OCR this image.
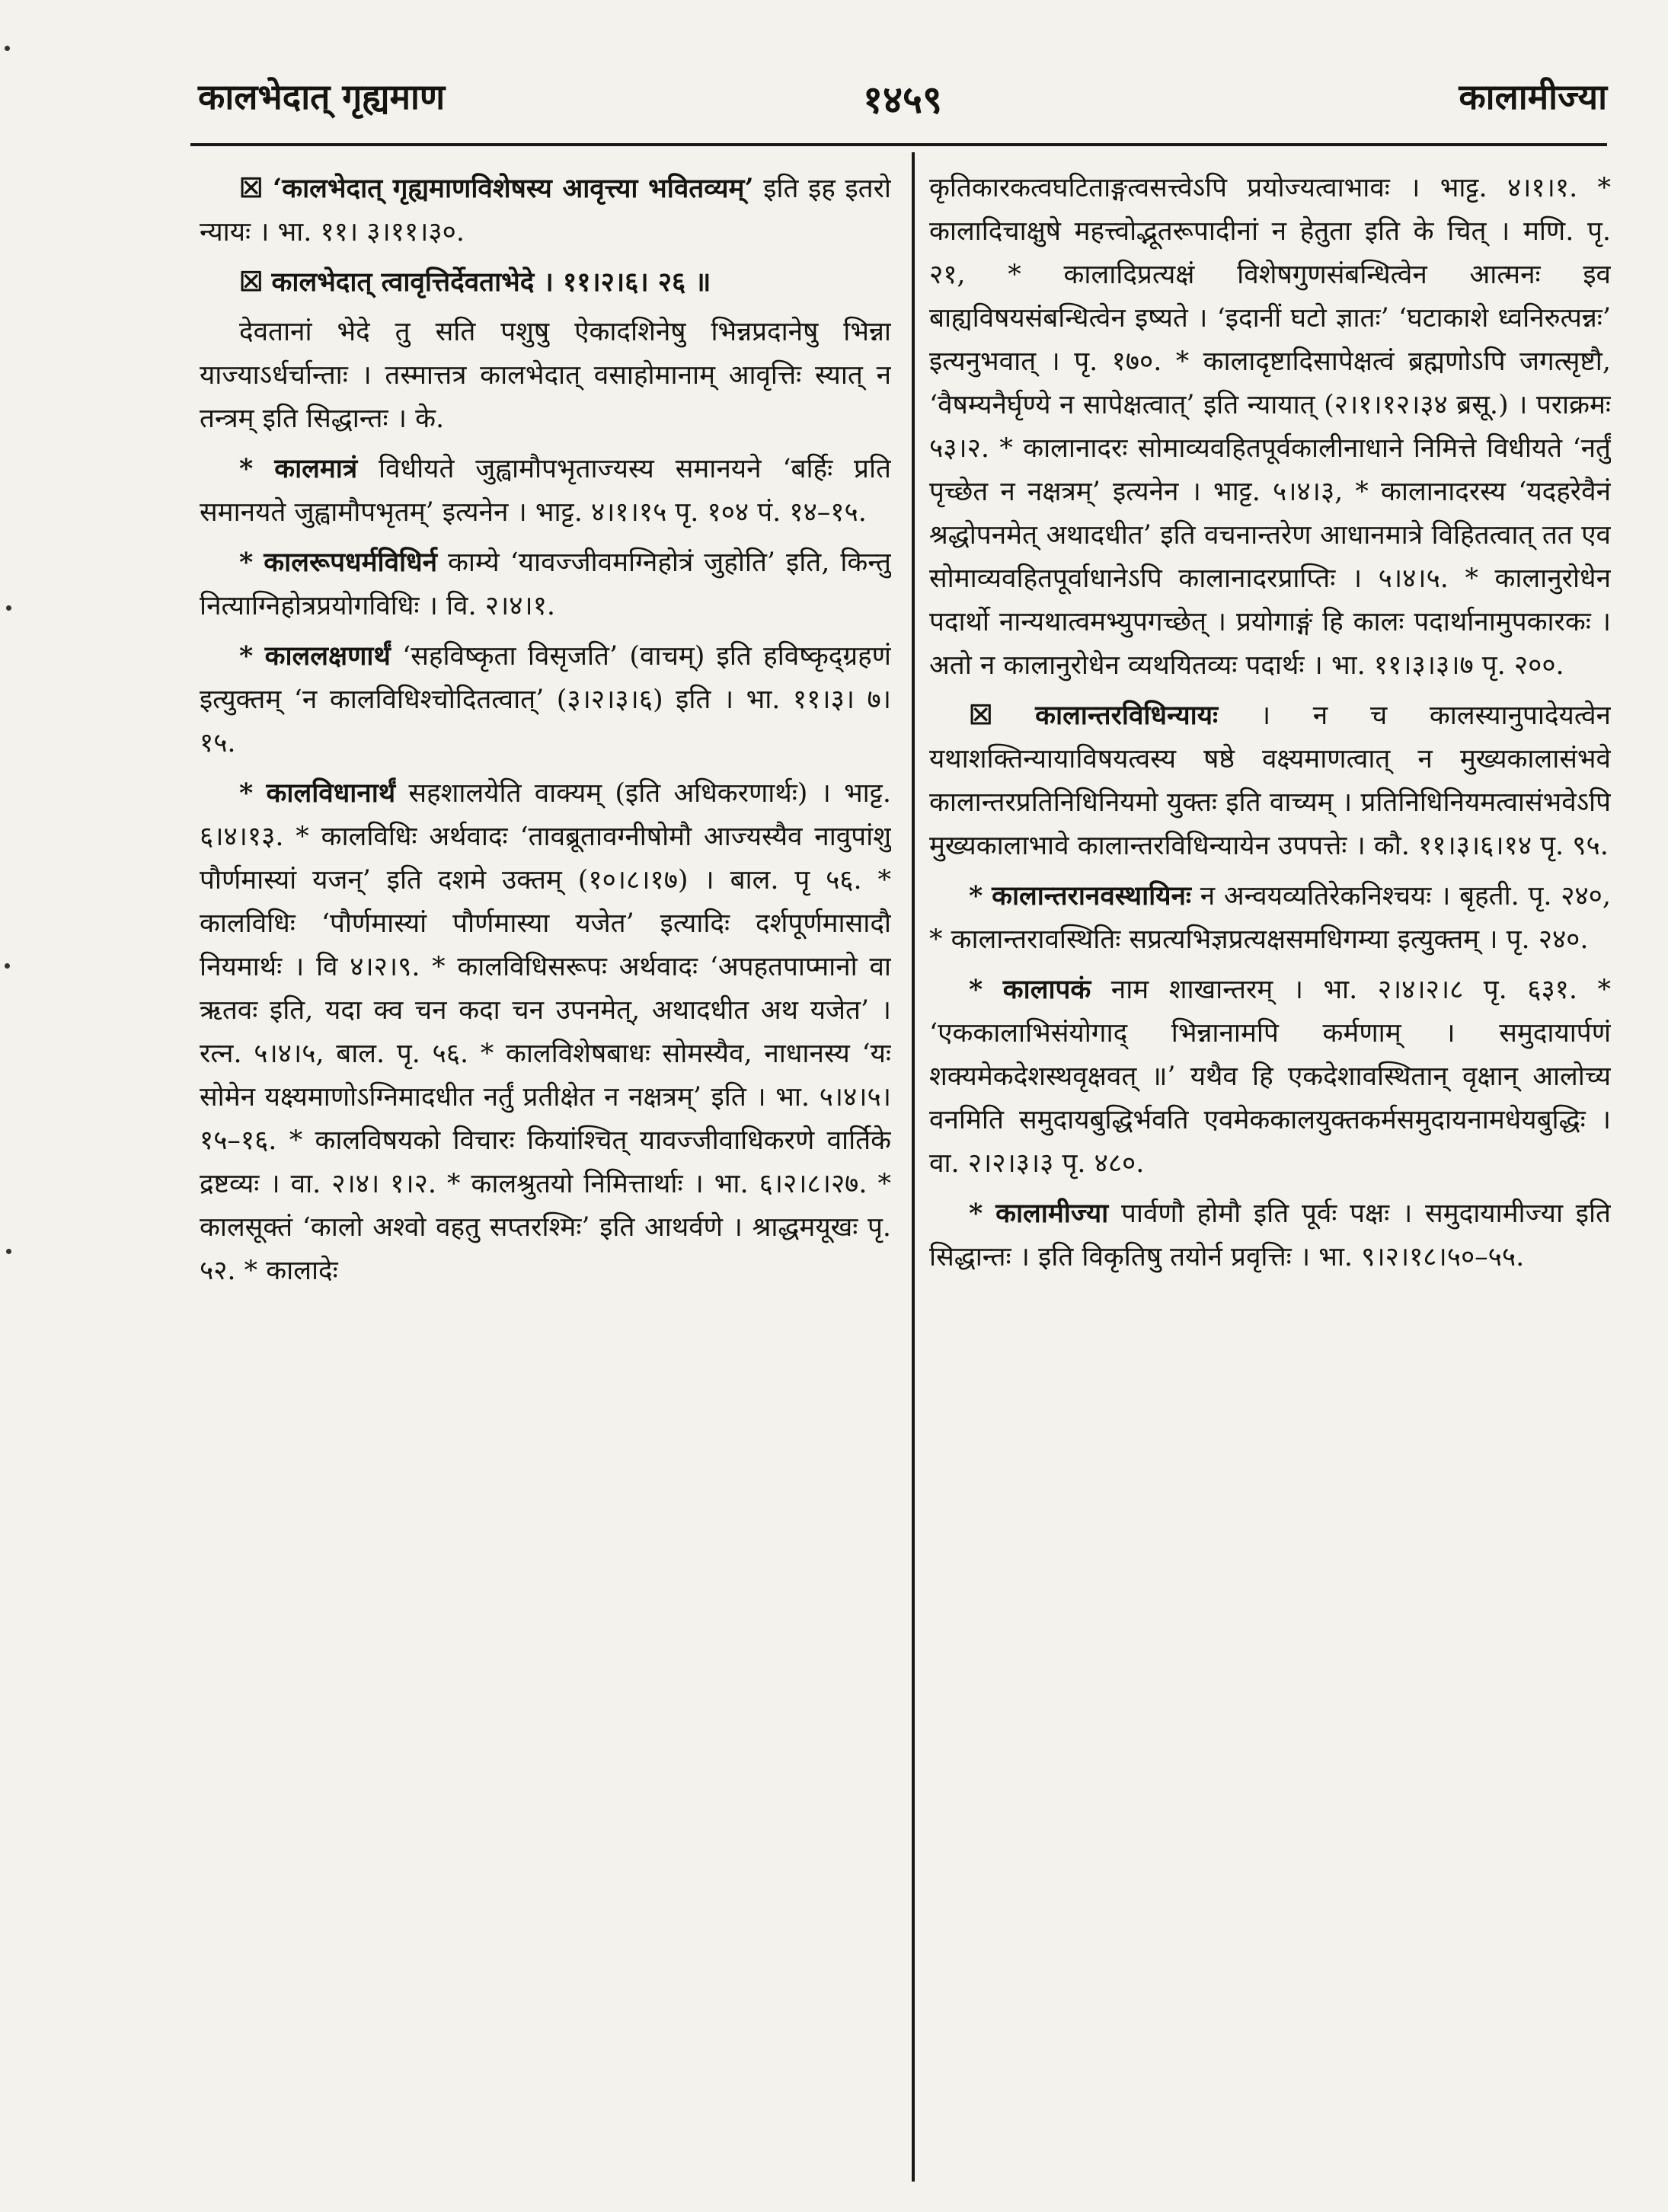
कालभेदात् गृह्यमाण	१४५९	कालामीज्या

☒ ‘कालभेदात् गृह्यमाणविशेषस्य आवृत्त्या भवितव्यम्’ इति इह इतरो न्यायः । भा. ११। ३।११।३०.

☒ कालभेदात् त्वावृत्तिर्देवताभेदे । ११।२।६। २६ ॥

देवतानां भेदे तु सति पशुषु ऐकादशिनेषु भिन्नप्रदानेषु भिन्ना याज्याऽर्धर्चान्ताः । तस्मात्तत्र कालभेदात् वसाहोमानाम् आवृत्तिः स्यात् न तन्त्रम् इति सिद्धान्तः । के.

* कालमात्रं विधीयते जुह्वामौपभृताज्यस्य समानयने ‘बर्हिः प्रति समानयते जुह्वामौपभृतम्’ इत्यनेन । भाट्ट. ४।१।१५ पृ. १०४ पं. १४–१५.

* कालरूपधर्मविधिर्न काम्ये ‘यावज्जीवमग्निहोत्रं जुहोति’ इति, किन्तु नित्याग्निहोत्रप्रयोगविधिः । वि. २।४।१.

* काललक्षणार्थं ‘सहविष्कृता विसृजति’ (वाचम्) इति हविष्कृद्ग्रहणं इत्युक्तम् ‘न कालविधिश्चोदितत्वात्’ (३।२।३।६) इति । भा. ११।३। ७।१५.

* कालविधानार्थं सहशालयेति वाक्यम् (इति अधिकरणार्थः) । भाट्ट. ६।४।१३. * कालविधिः अर्थवादः ‘तावब्रूतावग्नीषोमौ आज्यस्यैव नावुपांशु पौर्णमास्यां यजन्’ इति दशमे उक्तम् (१०।८।१७) । बाल. पृ ५६. * कालविधिः ‘पौर्णमास्यां पौर्णमास्या यजेत’ इत्यादिः दर्शपूर्णमासादौ नियमार्थः । वि ४।२।९. * कालविधिसरूपः अर्थवादः ‘अपहतपाप्मानो वा ऋतवः इति, यदा क्व चन कदा चन उपनमेत्, अथादधीत अथ यजेत’ । रत्न. ५।४।५, बाल. पृ. ५६. * कालविशेषबाधः सोमस्यैव, नाधानस्य ‘यः सोमेन यक्ष्यमाणोऽग्निमादधीत नर्तुं प्रतीक्षेत न नक्षत्रम्’ इति । भा. ५।४।५।१५–१६. * कालविषयको विचारः कियांश्चित् यावज्जीवाधिकरणे वार्तिके द्रष्टव्यः । वा. २।४। १।२. * कालश्रुतयो निमित्तार्थाः । भा. ६।२।८।२७. * कालसूक्तं ‘कालो अश्वो वहतु सप्तरश्मिः’ इति आथर्वणे । श्राद्धमयूखः पृ. ५२. * कालादेः

कृतिकारकत्वघटिताङ्गत्वसत्त्वेऽपि प्रयोज्यत्वाभावः । भाट्ट. ४।१।१. * कालादिचाक्षुषे महत्त्वोद्भूतरूपादीनां न हेतुता इति के चित् । मणि. पृ. २१, * कालादिप्रत्यक्षं विशेषगुणसंबन्धित्वेन आत्मनः इव बाह्यविषयसंबन्धित्वेन इष्यते । ‘इदानीं घटो ज्ञातः’ ‘घटाकाशे ध्वनिरुत्पन्नः’ इत्यनुभवात् । पृ. १७०. * कालादृष्टादिसापेक्षत्वं ब्रह्मणोऽपि जगत्सृष्टौ, ‘वैषम्यनैर्घृण्ये न सापेक्षत्वात्’ इति न्यायात् (२।१।१२।३४ ब्रसू.) । पराक्रमः ५३।२. * कालानादरः सोमाव्यवहितपूर्वकालीनाधाने निमित्ते विधीयते ‘नर्तुं पृच्छेत न नक्षत्रम्’ इत्यनेन । भाट्ट. ५।४।३, * कालानादरस्य ‘यदहरेवैनं श्रद्धोपनमेत् अथादधीत’ इति वचनान्तरेण आधानमात्रे विहितत्वात् तत एव सोमाव्यवहितपूर्वाधानेऽपि कालानादरप्राप्तिः । ५।४।५. * कालानुरोधेन पदार्थो नान्यथात्वमभ्युपगच्छेत् । प्रयोगाङ्गं हि कालः पदार्थानामुपकारकः । अतो न कालानुरोधेन व्यथयितव्यः पदार्थः । भा. ११।३।३।७ पृ. २००.

☒ कालान्तरविधिन्यायः । न च कालस्यानुपादेयत्वेन यथाशक्तिन्यायाविषयत्वस्य षष्ठे वक्ष्यमाणत्वात् न मुख्यकालासंभवे कालान्तरप्रतिनिधिनियमो युक्तः इति वाच्यम् । प्रतिनिधिनियमत्वासंभवेऽपि मुख्यकालाभावे कालान्तरविधिन्यायेन उपपत्तेः । कौ. ११।३।६।१४ पृ. ९५.

* कालान्तरानवस्थायिनः न अन्वयव्यतिरेकनिश्चयः । बृहती. पृ. २४०, * कालान्तरावस्थितिः सप्रत्यभिज्ञप्रत्यक्षसमधिगम्या इत्युक्तम् । पृ. २४०.

* कालापकं नाम शाखान्तरम् । भा. २।४।२।८ पृ. ६३१. * ‘एककालाभिसंयोगाद् भिन्नानामपि कर्मणाम् । समुदायार्पणं शक्यमेकदेशस्थवृक्षवत् ॥’ यथैव हि एकदेशावस्थितान् वृक्षान् आलोच्य वनमिति समुदायबुद्धिर्भवति एवमेककालयुक्तकर्मसमुदायनामधेयबुद्धिः । वा. २।२।३।३ पृ. ४८०.

* कालामीज्या पार्वणौ होमौ इति पूर्वः पक्षः । समुदायामीज्या इति सिद्धान्तः । इति विकृतिषु तयोर्न प्रवृत्तिः । भा. ९।२।१८।५०–५५.
